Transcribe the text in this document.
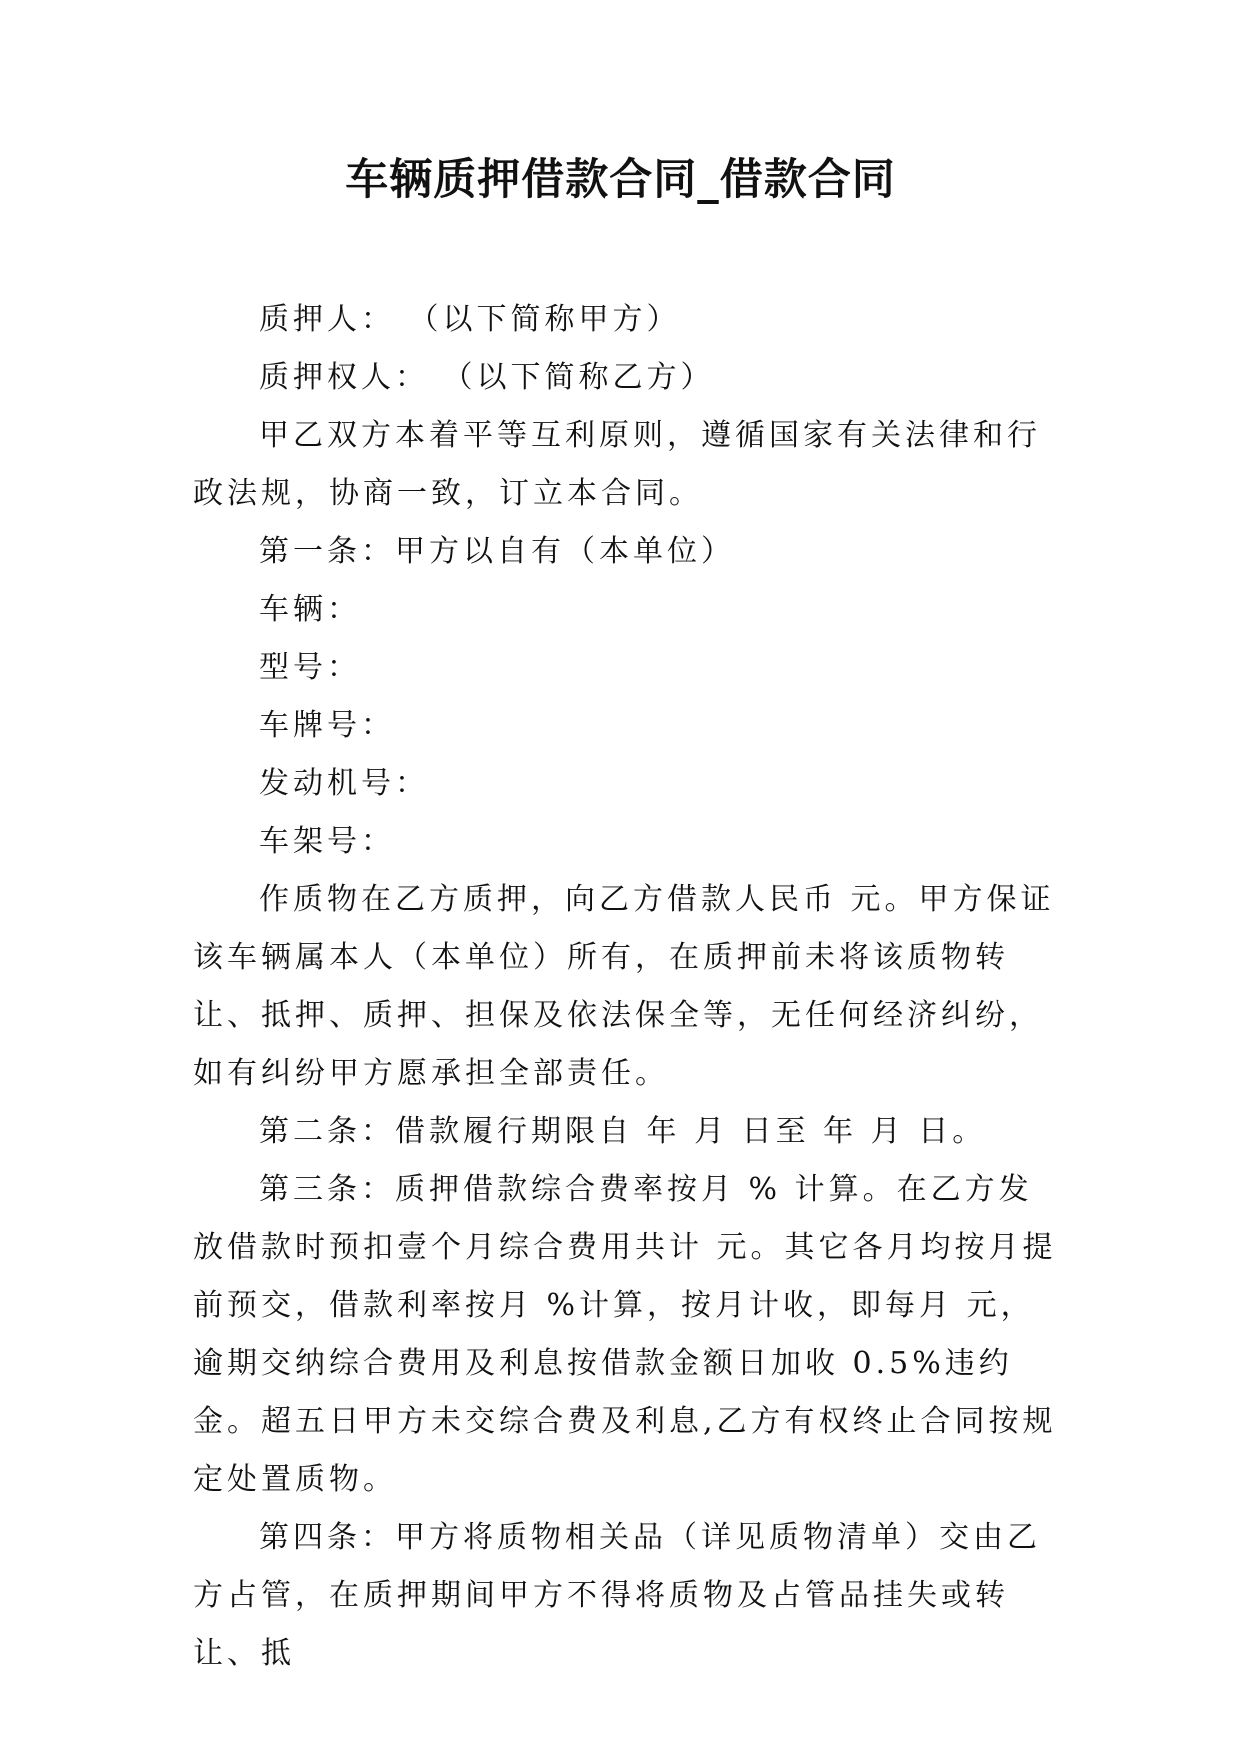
车辆质押借款合同_借款合同

质押人： （以下简称甲方）

质押权人： （以下简称乙方）

甲乙双方本着平等互利原则，遵循国家有关法律和行政法规，协商一致，订立本合同。

第一条：甲方以自有（本单位）

车辆：

型号：

车牌号：

发动机号：

车架号：

作质物在乙方质押，向乙方借款人民币 元。甲方保证该车辆属本人（本单位）所有，在质押前未将该质物转让、抵押、质押、担保及依法保全等，无任何经济纠纷，如有纠纷甲方愿承担全部责任。

第二条：借款履行期限自 年 月 日至 年 月 日。

第三条：质押借款综合费率按月 % 计算。在乙方发放借款时预扣壹个月综合费用共计 元。其它各月均按月提前预交，借款利率按月 %计算，按月计收，即每月 元，逾期交纳综合费用及利息按借款金额日加收 0.5%违约金。超五日甲方未交综合费及利息,乙方有权终止合同按规定处置质物。

第四条：甲方将质物相关品（详见质物清单）交由乙方占管，在质押期间甲方不得将质物及占管品挂失或转让、抵
